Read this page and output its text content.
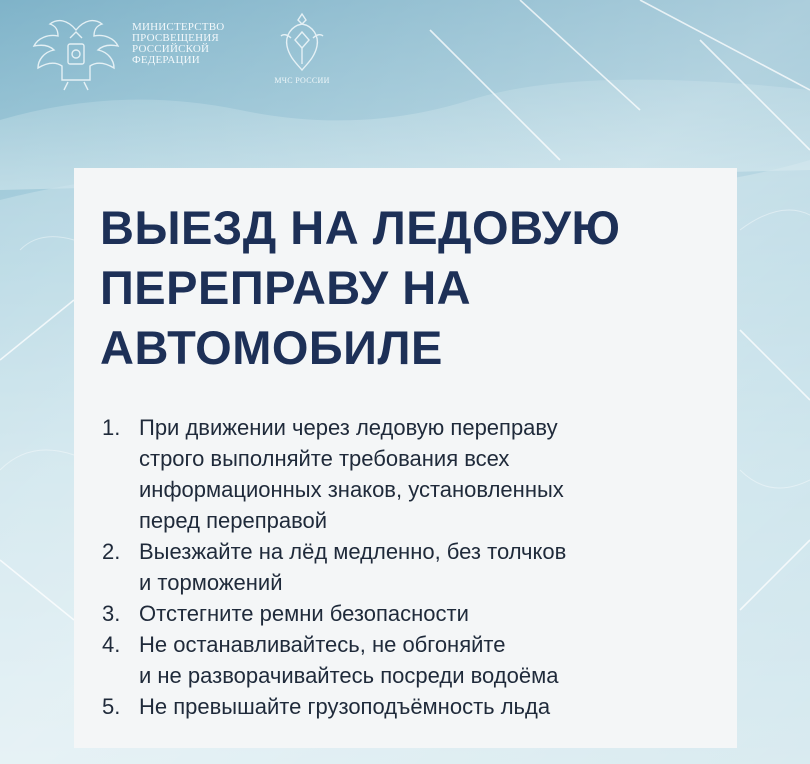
МИНИСТЕРСТВО
ПРОСВЕЩЕНИЯ
РОССИЙСКОЙ
ФЕДЕРАЦИИ
МЧС РОССИИ
ВЫЕЗД НА ЛЕДОВУЮ
ПЕРЕПРАВУ НА
АВТОМОБИЛЕ
1. При движении через ледовую переправу
строго выполняйте требования всех
информационных знаков, установленных
перед переправой
2. Выезжайте на лёд медленно, без толчков
и торможений
3. Отстегните ремни безопасности
4. Не останавливайтесь, не обгоняйте
и не разворачивайтесь посреди водоёма
5. Не превышайте грузоподъёмность льда
